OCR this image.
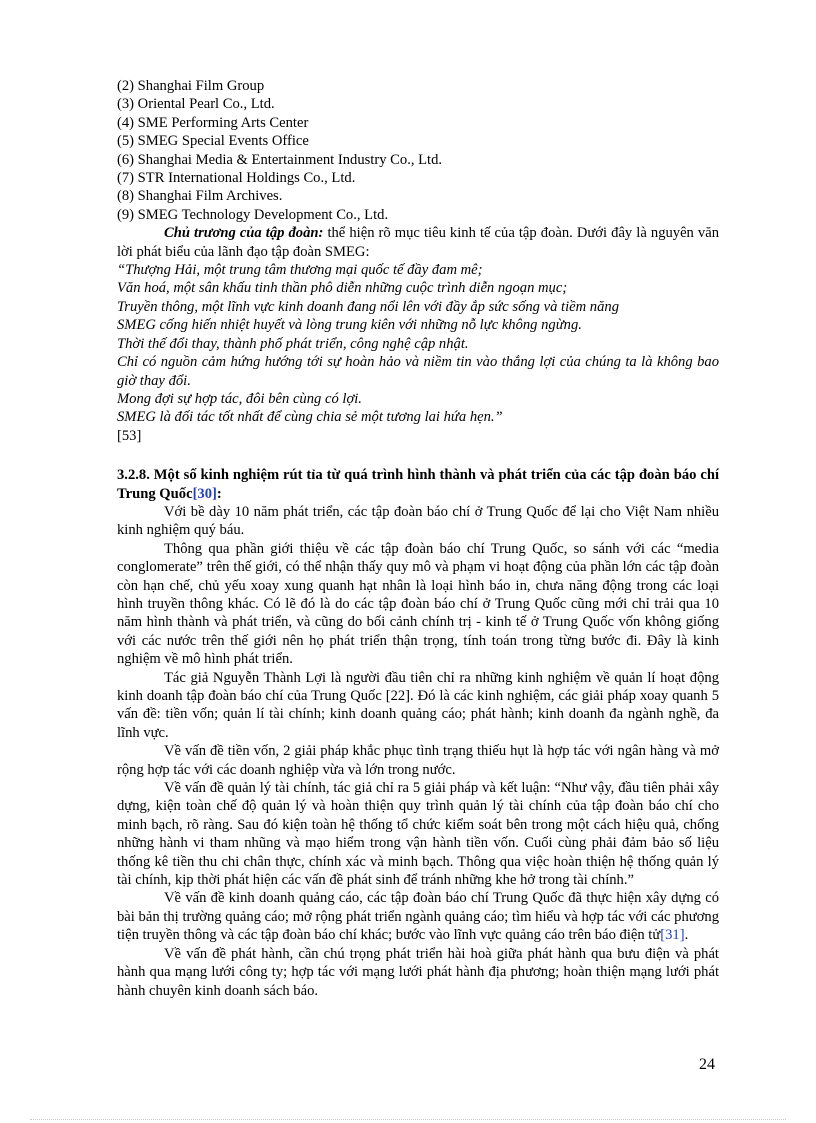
(2) Shanghai Film Group

(3) Oriental Pearl Co., Ltd.

(4) SME Performing Arts Center

(5) SMEG Special Events Office

(6) Shanghai Media & Entertainment Industry Co., Ltd.

(7) STR International Holdings Co., Ltd.

(8) Shanghai Film Archives.

(9) SMEG Technology Development Co., Ltd.

Chủ trương của tập đoàn: thể hiện rõ mục tiêu kinh tế của tập đoàn. Dưới đây là nguyên văn lời phát biểu của lãnh đạo tập đoàn SMEG:

“Thượng Hải, một trung tâm thương mại quốc tế đầy đam mê;

Văn hoá, một sân khấu tinh thần phô diễn những cuộc trình diễn ngoạn mục;

Truyền thông, một lĩnh vực kinh doanh đang nổi lên với đầy ắp sức sống và tiềm năng

SMEG cống hiến nhiệt huyết và lòng trung kiên với những nỗ lực không ngừng.

Thời thế đổi thay, thành phố phát triển, công nghệ cập nhật.

Chỉ có nguồn cảm hứng hướng tới sự hoàn hảo và niềm tin vào thắng lợi của chúng ta là không bao giờ thay đổi.

Mong đợi sự hợp tác, đôi bên cùng có lợi.

SMEG là đối tác tốt nhất để cùng chia sẻ một tương lai hứa hẹn.”

[53]

3.2.8. Một số kinh nghiệm rút tỉa từ quá trình hình thành và phát triển của các tập đoàn báo chí Trung Quốc[30]:

Với bề dày 10 năm phát triển, các tập đoàn báo chí ở Trung Quốc để lại cho Việt Nam nhiều kinh nghiệm quý báu.

Thông qua phần giới thiệu về các tập đoàn báo chí Trung Quốc, so sánh với các “media conglomerate” trên thế giới, có thể nhận thấy quy mô và phạm vi hoạt động của phần lớn các tập đoàn còn hạn chế, chủ yếu xoay xung quanh hạt nhân là loại hình báo in, chưa năng động trong các loại hình truyền thông khác. Có lẽ đó là do các tập đoàn báo chí ở Trung Quốc cũng mới chỉ trải qua 10 năm hình thành và phát triển, và cũng do bối cảnh chính trị - kinh tế ở Trung Quốc vốn không giống với các nước trên thế giới nên họ phát triển thận trọng, tính toán trong từng bước đi. Đây là kinh nghiệm về mô hình phát triển.

Tác giả Nguyễn Thành Lợi là người đầu tiên chỉ ra những kinh nghiệm về quản lí hoạt động kinh doanh tập đoàn báo chí của Trung Quốc [22]. Đó là các kinh nghiệm, các giải pháp xoay quanh 5 vấn đề: tiền vốn; quản lí tài chính; kinh doanh quảng cáo; phát hành; kinh doanh đa ngành nghề, đa lĩnh vực.

Về vấn đề tiền vốn, 2 giải pháp khắc phục tình trạng thiếu hụt là hợp tác với ngân hàng và mở rộng hợp tác với các doanh nghiệp vừa và lớn trong nước.

Về vấn đề quản lý tài chính, tác giả chỉ ra 5 giải pháp và kết luận: “Như vậy, đầu tiên phải xây dựng, kiện toàn chế độ quản lý và hoàn thiện quy trình quản lý tài chính của tập đoàn báo chí cho minh bạch, rõ ràng. Sau đó kiện toàn hệ thống tổ chức kiểm soát bên trong một cách hiệu quả, chống những hành vi tham nhũng và mạo hiểm trong vận hành tiền vốn. Cuối cùng phải đảm bảo số liệu thống kê tiền thu chi chân thực, chính xác và minh bạch. Thông qua việc hoàn thiện hệ thống quản lý tài chính, kịp thời phát hiện các vấn đề phát sinh để tránh những khe hở trong tài chính.”

Về vấn đề kinh doanh quảng cáo, các tập đoàn báo chí Trung Quốc đã thực hiện xây dựng có bài bản thị trường quảng cáo; mở rộng phát triển ngành quảng cáo; tìm hiểu và hợp tác với các phương tiện truyền thông và các tập đoàn báo chí khác; bước vào lĩnh vực quảng cáo trên báo điện tử[31].

Về vấn đề phát hành, cần chú trọng phát triển hài hoà giữa phát hành qua bưu điện và phát hành qua mạng lưới công ty; hợp tác với mạng lưới phát hành địa phương; hoàn thiện mạng lưới phát hành chuyên kinh doanh sách báo.

24
